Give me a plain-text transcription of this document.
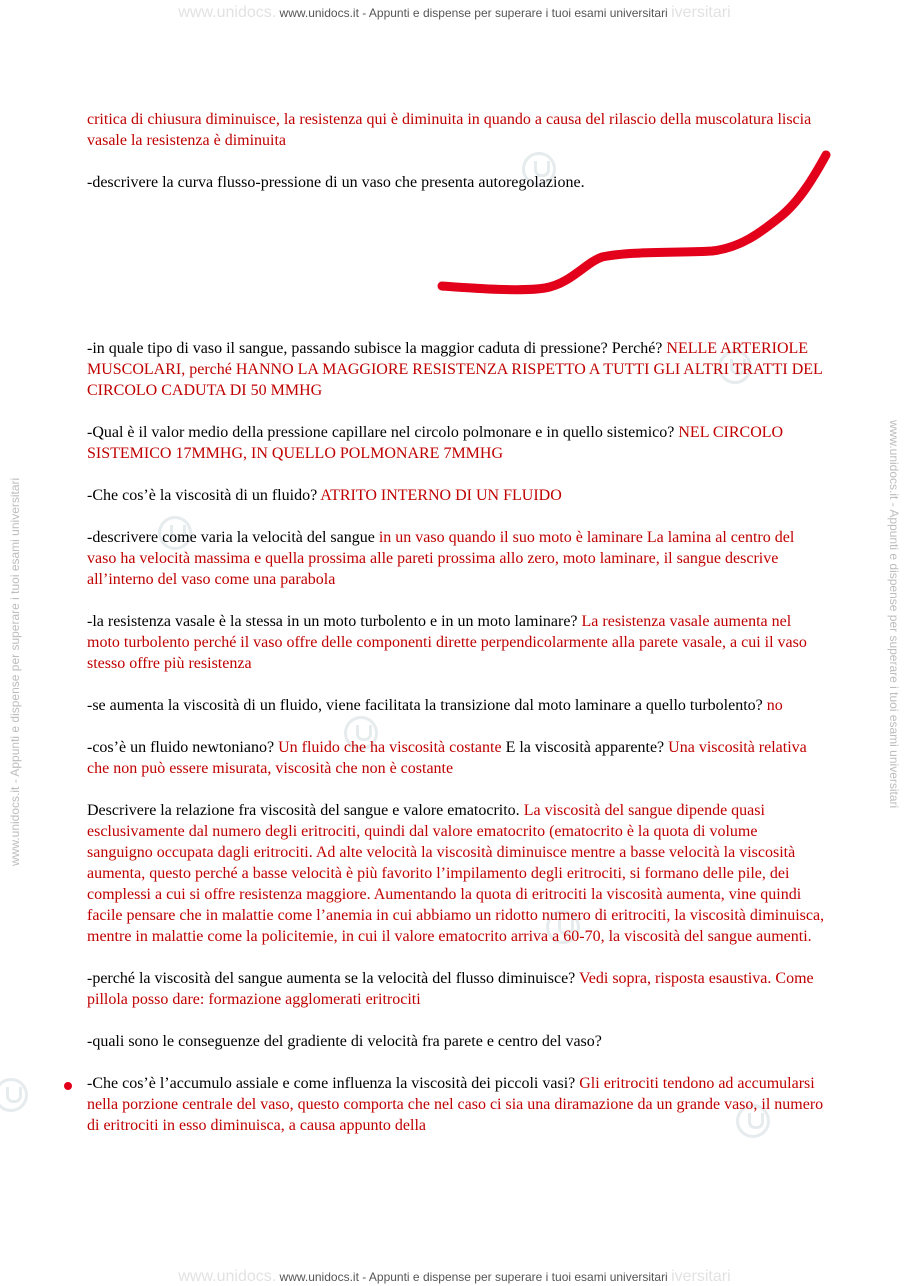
www.unidocs. www.unidocs.it - Appunti e dispense per superare i tuoi esami universitari iversitari
www.unidocs. www.unidocs.it - Appunti e dispense per superare i tuoi esami universitari iversitari
www.unidocs.it - Appunti e dispense per superare i tuoi esami universitari	www.unidocs.it - Appunti e dispense per superare i tuoi esami universitari

critica di chiusura diminuisce, la resistenza qui è diminuita in quando a causa del rilascio della muscolatura liscia vasale la resistenza è diminuita

-descrivere la curva flusso-pressione di un vaso che presenta autoregolazione.

-in quale tipo di vaso il sangue, passando subisce la maggior caduta di pressione? Perché? NELLE ARTERIOLE MUSCOLARI, perché HANNO LA MAGGIORE RESISTENZA RISPETTO A TUTTI GLI ALTRI TRATTI DEL CIRCOLO CADUTA DI 50 MMHG

-Qual è il valor medio della pressione capillare nel circolo polmonare e in quello sistemico? NEL CIRCOLO SISTEMICO 17MMHG, IN QUELLO POLMONARE 7MMHG

-Che cos’è la viscosità di un fluido? ATRITO INTERNO DI UN FLUIDO

-descrivere come varia la velocità del sangue in un vaso quando il suo moto è laminare La lamina al centro del vaso ha velocità massima e quella prossima alle pareti prossima allo zero, moto laminare, il sangue descrive all’interno del vaso come una parabola

-la resistenza vasale è la stessa in un moto turbolento e in un moto laminare? La resistenza vasale aumenta nel moto turbolento perché il vaso offre delle componenti dirette perpendicolarmente alla parete vasale, a cui il vaso stesso offre più resistenza

-se aumenta la viscosità di un fluido, viene facilitata la transizione dal moto laminare a quello turbolento? no

-cos’è un fluido newtoniano? Un fluido che ha viscosità costante E la viscosità apparente? Una viscosità relativa che non può essere misurata, viscosità che non è costante

Descrivere la relazione fra viscosità del sangue e valore ematocrito. La viscosità del sangue dipende quasi esclusivamente dal numero degli eritrociti, quindi dal valore ematocrito (ematocrito è la quota di volume sanguigno occupata dagli eritrociti. Ad alte velocità la viscosità diminuisce mentre a basse velocità la viscosità aumenta, questo perché a basse velocità è più favorito l’impilamento degli eritrociti, si formano delle pile, dei complessi a cui si offre resistenza maggiore. Aumentando la quota di eritrociti la viscosità aumenta, vine quindi facile pensare che in malattie come l’anemia in cui abbiamo un ridotto numero di eritrociti, la viscosità diminuisca, mentre in malattie come la policitemie, in cui il valore ematocrito arriva a 60-70, la viscosità del sangue aumenti.

-perché la viscosità del sangue aumenta se la velocità del flusso diminuisce? Vedi sopra, risposta esaustiva. Come pillola posso dare: formazione agglomerati eritrociti

-quali sono le conseguenze del gradiente di velocità fra parete e centro del vaso?

-Che cos’è l’accumulo assiale e come influenza la viscosità dei piccoli vasi? Gli eritrociti tendono ad accumularsi nella porzione centrale del vaso, questo comporta che nel caso ci sia una diramazione da un grande vaso, il numero di eritrociti in esso diminuisca, a causa appunto della
